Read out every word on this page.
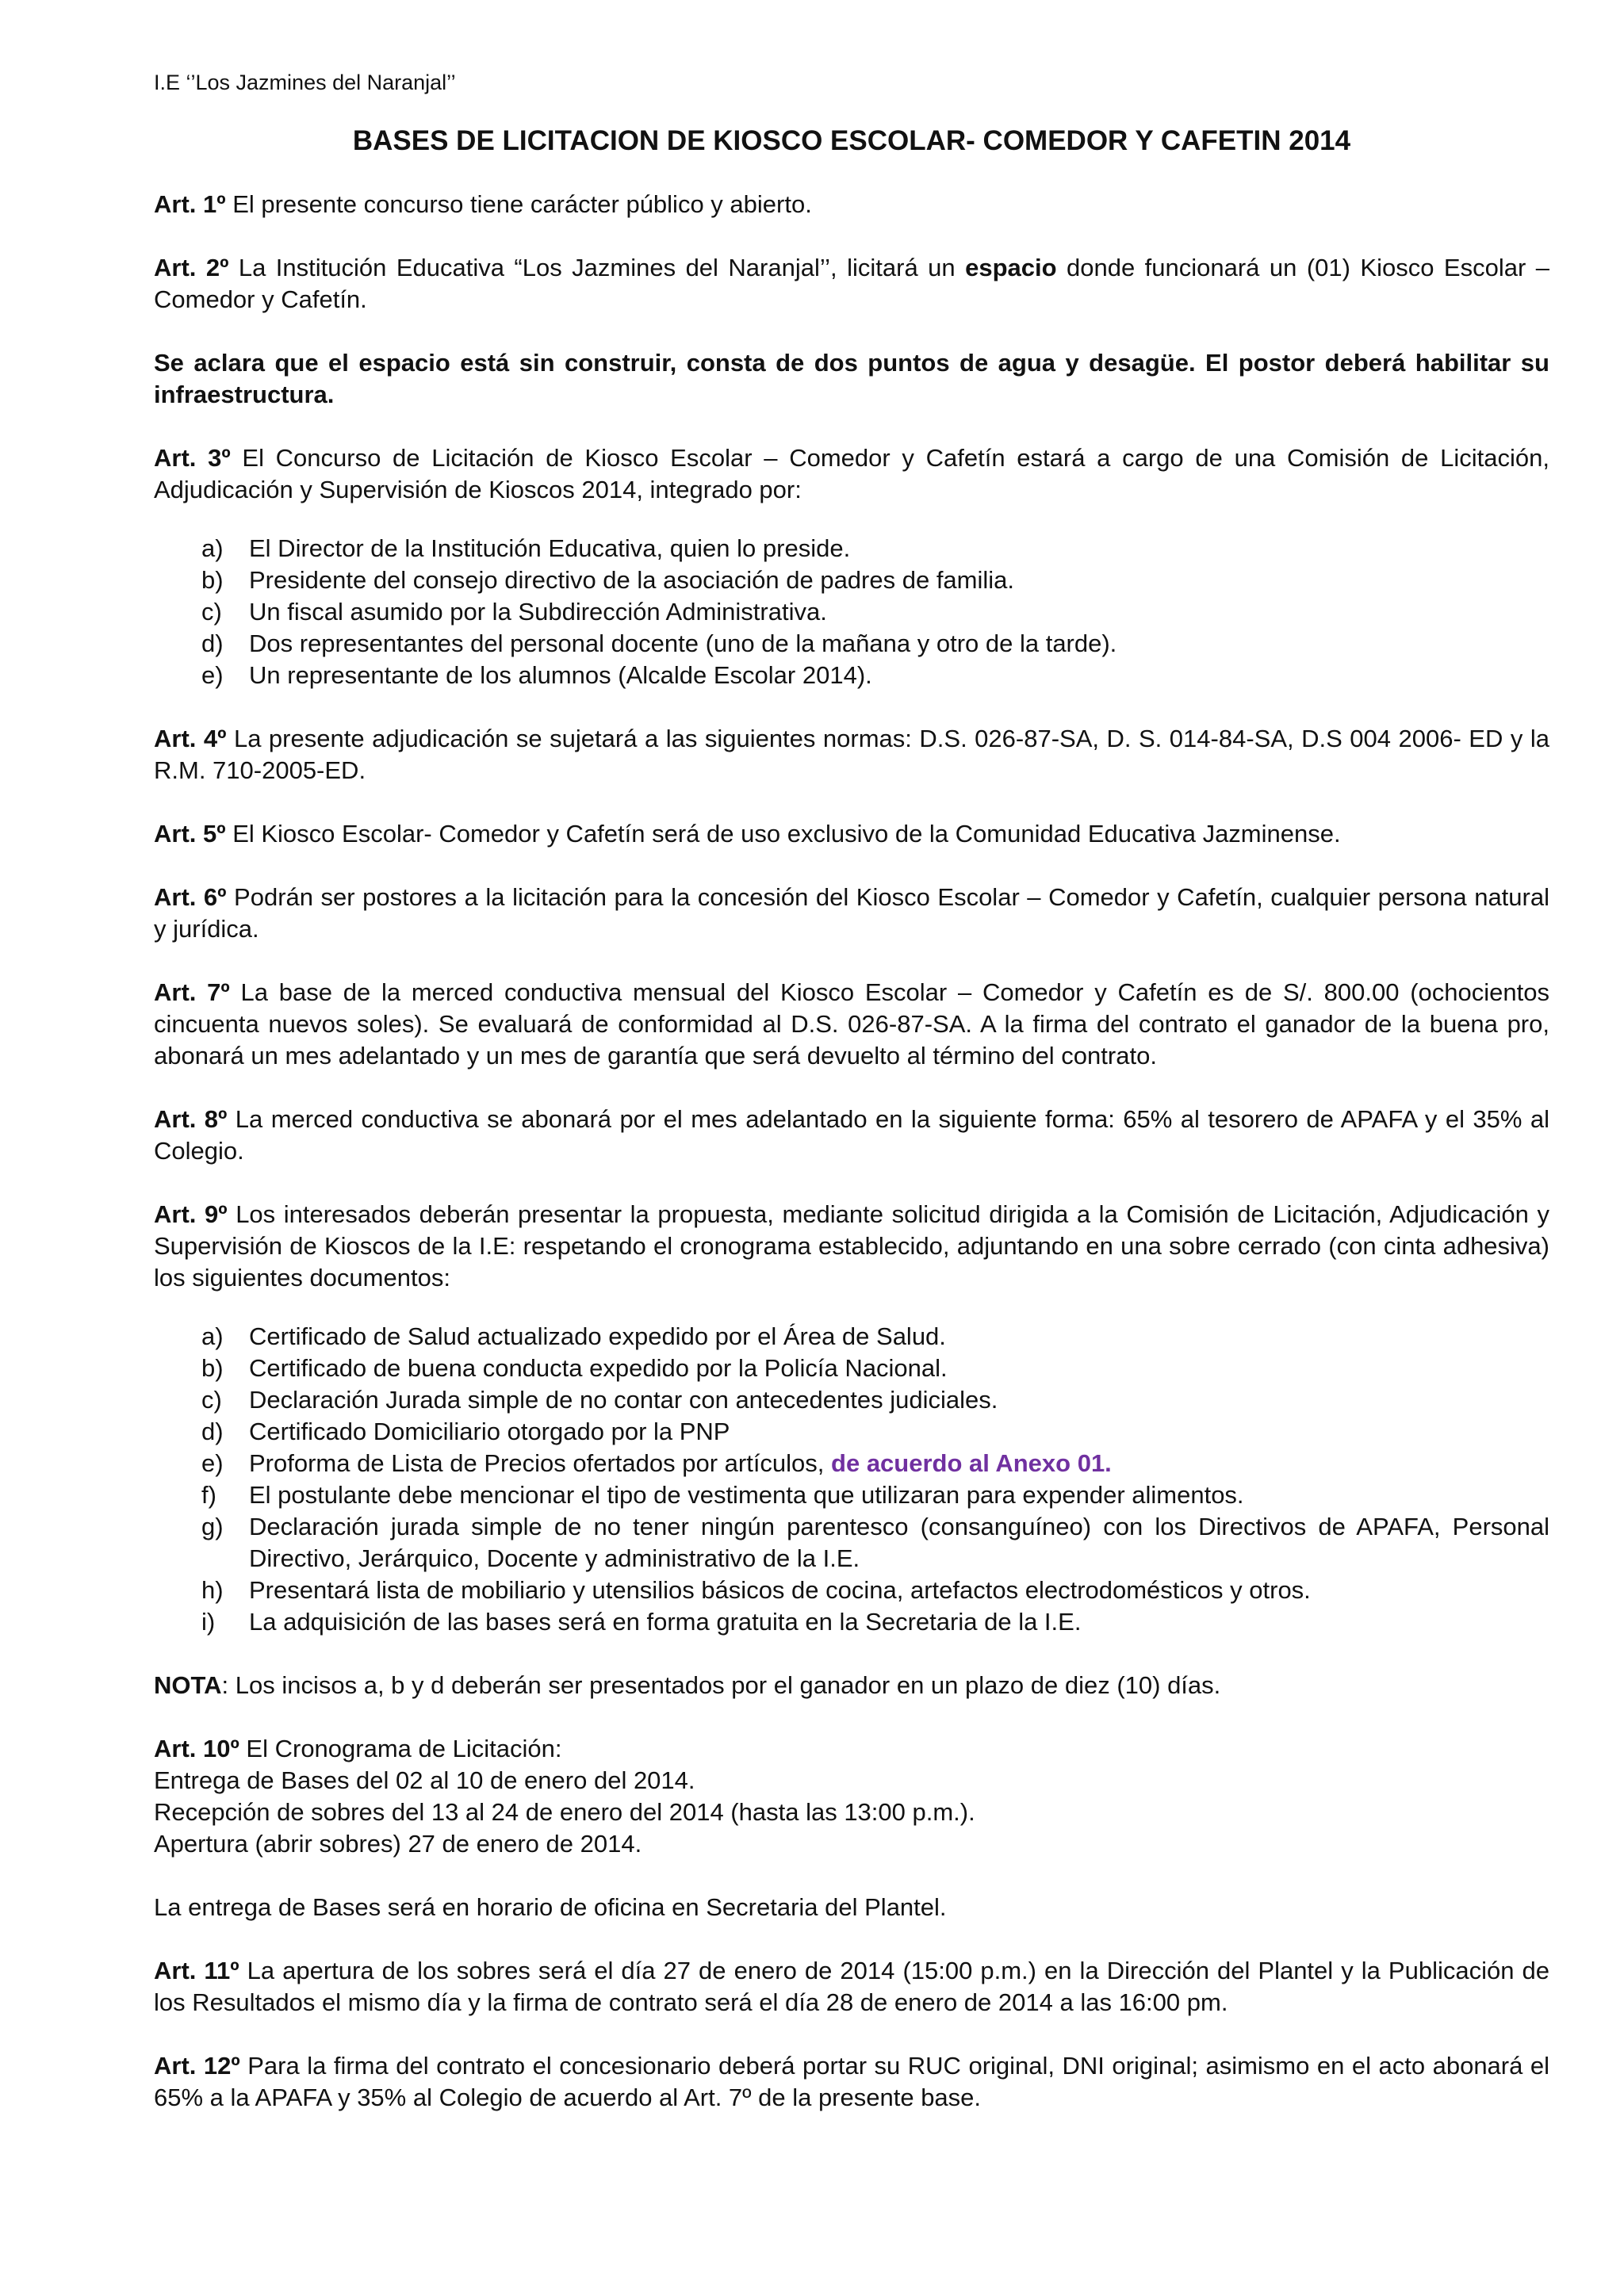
I.E ‘’Los Jazmines del Naranjal’’
BASES DE LICITACION DE KIOSCO ESCOLAR- COMEDOR Y CAFETIN 2014

Art. 1º El presente concurso tiene carácter público y abierto.

Art. 2º La Institución Educativa “Los Jazmines del Naranjal’’, licitará un espacio donde funcionará un (01) Kiosco Escolar – Comedor y Cafetín.

Se aclara que el espacio está sin construir, consta de dos puntos de agua y desagüe. El postor deberá habilitar su infraestructura.

Art. 3º El Concurso de Licitación de Kiosco Escolar – Comedor y Cafetín estará a cargo de una Comisión de Licitación, Adjudicación y Supervisión de Kioscos 2014, integrado por:

a)	El Director de la Institución Educativa, quien lo preside.
b)	Presidente del consejo directivo de la asociación de padres de familia.
c)	Un fiscal asumido por la Subdirección Administrativa.
d)	Dos representantes del personal docente (uno de la mañana y otro de la tarde).
e)	Un representante de los alumnos (Alcalde Escolar 2014).

Art. 4º La presente adjudicación se sujetará a las siguientes normas: D.S. 026-87-SA, D. S. 014-84-SA, D.S 004 2006- ED y la R.M. 710-2005-ED.

Art. 5º El Kiosco Escolar- Comedor y Cafetín será de uso exclusivo de la Comunidad Educativa Jazminense.

Art. 6º Podrán ser postores a la licitación para la concesión del Kiosco Escolar – Comedor y Cafetín, cualquier persona natural y jurídica.

Art. 7º La base de la merced conductiva mensual del Kiosco Escolar – Comedor y Cafetín es de S/. 800.00 (ochocientos cincuenta nuevos soles). Se evaluará de conformidad al D.S. 026-87-SA. A la firma del contrato el ganador de la buena pro, abonará un mes adelantado y un mes de garantía que será devuelto al término del contrato.

Art. 8º La merced conductiva se abonará por el mes adelantado en la siguiente forma: 65% al tesorero de APAFA y el 35% al Colegio.

Art. 9º Los interesados deberán presentar la propuesta, mediante solicitud dirigida a la Comisión de Licitación, Adjudicación y Supervisión de Kioscos de la I.E: respetando el cronograma establecido, adjuntando en una sobre cerrado (con cinta adhesiva) los siguientes documentos:

a)	Certificado de Salud actualizado expedido por el Área de Salud.
b)	Certificado de buena conducta expedido por la Policía Nacional.
c)	Declaración Jurada simple de no contar con antecedentes judiciales.
d)	Certificado Domiciliario otorgado por la PNP
e)	Proforma de Lista de Precios ofertados por artículos, de acuerdo al Anexo 01.
f)	El postulante debe mencionar el tipo de vestimenta que utilizaran para expender alimentos.
g)	Declaración jurada simple de no tener ningún parentesco (consanguíneo) con los Directivos de APAFA, Personal Directivo, Jerárquico, Docente y administrativo de la I.E.
h)	Presentará lista de mobiliario y utensilios básicos de cocina, artefactos electrodomésticos y otros.
i)	La adquisición de las bases será en forma gratuita en la Secretaria de la I.E.

NOTA: Los incisos a, b y d deberán ser presentados por el ganador en un plazo de diez (10) días.

Art. 10º El Cronograma de Licitación:

Entrega de Bases del 02 al 10 de enero del 2014.

Recepción de sobres del 13 al 24 de enero del 2014 (hasta las 13:00 p.m.).

Apertura (abrir sobres) 27 de enero de 2014.

La entrega de Bases será en horario de oficina en Secretaria del Plantel.

Art. 11º La apertura de los sobres será el día 27 de enero de 2014 (15:00 p.m.) en la Dirección del Plantel y la Publicación de los Resultados el mismo día y la firma de contrato será el día 28 de enero de 2014 a las 16:00 pm.

Art. 12º Para la firma del contrato el concesionario deberá portar su RUC original, DNI original; asimismo en el acto abonará el 65% a la APAFA y 35% al Colegio de acuerdo al Art. 7º de la presente base.
